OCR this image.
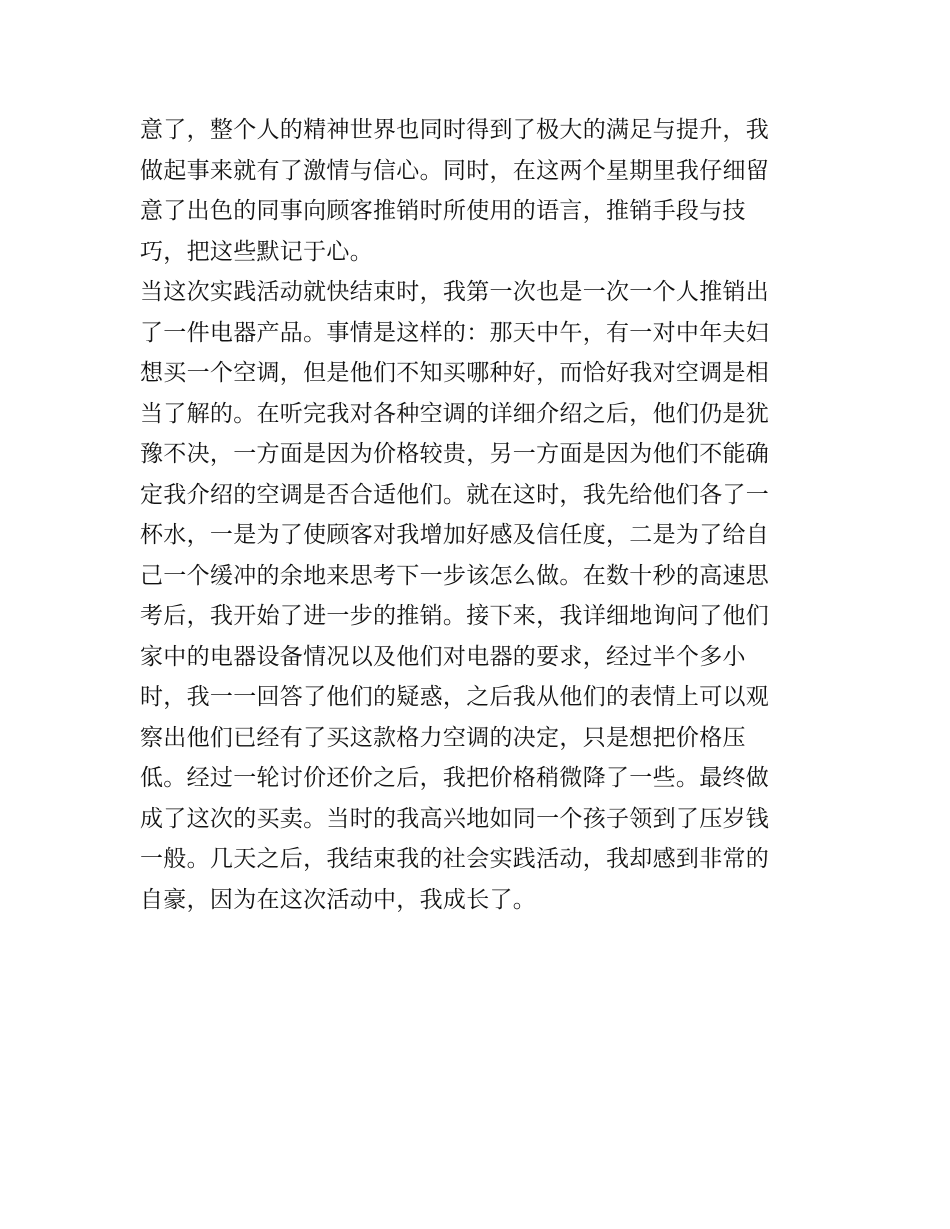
意了，整个人的精神世界也同时得到了极大的满足与提升，我
做起事来就有了激情与信心。同时，在这两个星期里我仔细留
意了出色的同事向顾客推销时所使用的语言，推销手段与技
巧，把这些默记于心。
当这次实践活动就快结束时，我第一次也是一次一个人推销出
了一件电器产品。事情是这样的：那天中午，有一对中年夫妇
想买一个空调，但是他们不知买哪种好，而恰好我对空调是相
当了解的。在听完我对各种空调的详细介绍之后，他们仍是犹
豫不决，一方面是因为价格较贵，另一方面是因为他们不能确
定我介绍的空调是否合适他们。就在这时，我先给他们各了一
杯水，一是为了使顾客对我增加好感及信任度，二是为了给自
己一个缓冲的余地来思考下一步该怎么做。在数十秒的高速思
考后，我开始了进一步的推销。接下来，我详细地询问了他们
家中的电器设备情况以及他们对电器的要求，经过半个多小
时，我一一回答了他们的疑惑，之后我从他们的表情上可以观
察出他们已经有了买这款格力空调的决定，只是想把价格压
低。经过一轮讨价还价之后，我把价格稍微降了一些。最终做
成了这次的买卖。当时的我高兴地如同一个孩子领到了压岁钱
一般。几天之后，我结束我的社会实践活动，我却感到非常的
自豪，因为在这次活动中，我成长了。
